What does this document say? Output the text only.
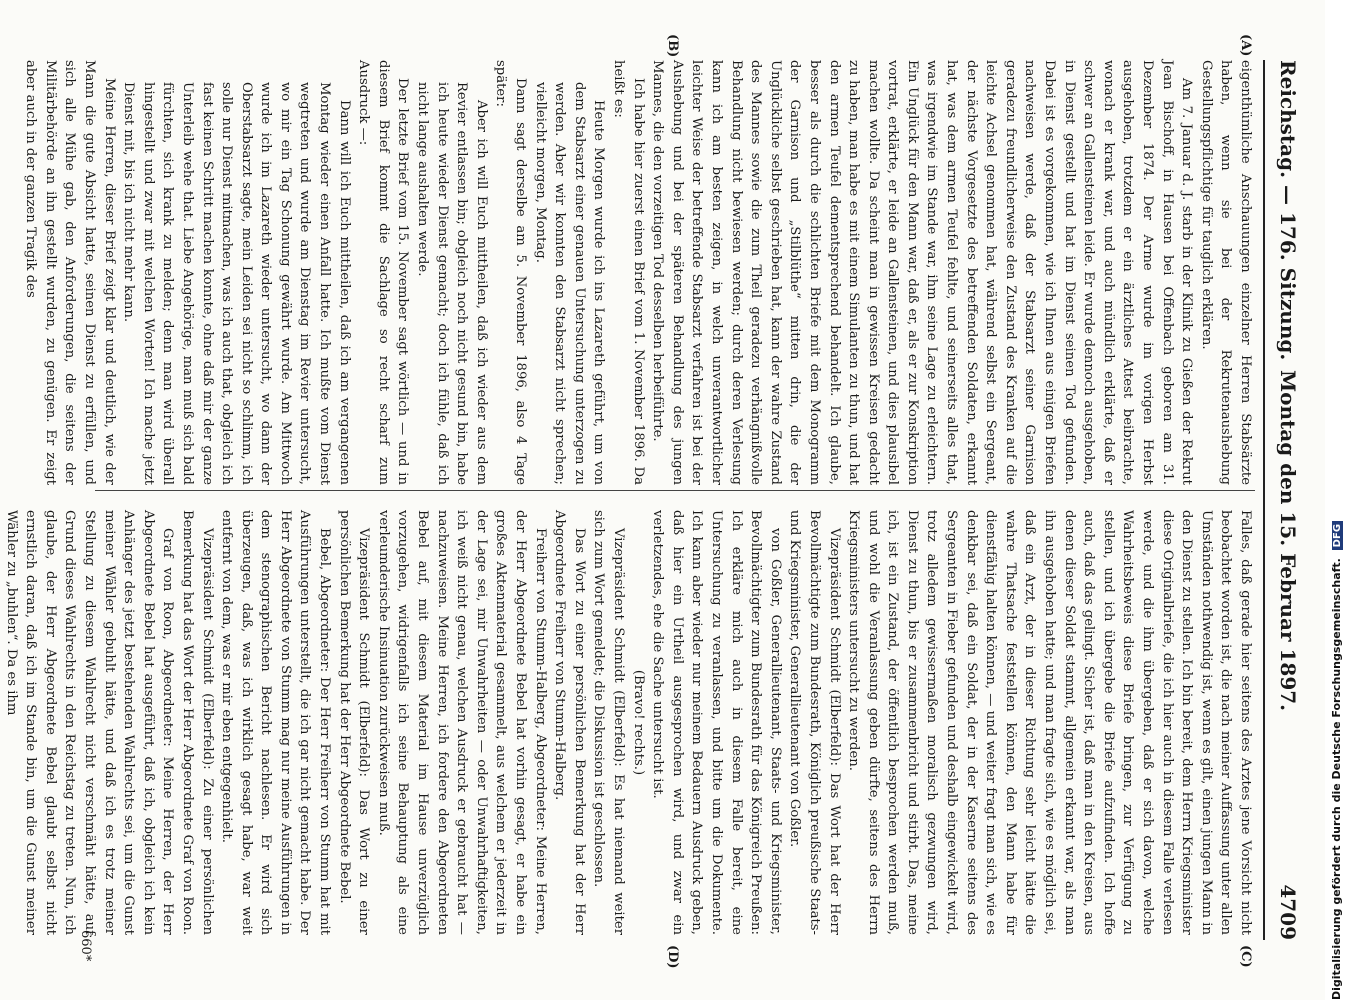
Reichstag. — 176. Sitzung.
Montag den 15. Februar 1897.
4709
(A)
(B)
(C)
(D)

eigenthümliche Anschauungen einzelner Herren Stabsärzte haben, wenn sie bei der Rekrutenaushebung Gestellungspflichtige für tauglich erklären.

Am 7. Januar d. J. starb in der Klinik zu Gießen der Rekrut Jean Bischoff, in Hausen bei Offenbach geboren am 31. Dezember 1874. Der Arme wurde im vorigen Herbst ausgehoben, trotzdem er ein ärztliches Attest beibrachte, wonach er krank war, und auch mündlich erklärte, daß er schwer an Gallensteinen leide. Er wurde dennoch ausgehoben, in Dienst gestellt und hat im Dienst seinen Tod gefunden. Dabei ist es vorgekommen, wie ich Ihnen aus einigen Briefen nachweisen werde, daß der Stabsarzt seiner Garnison geradezu freundlicherweise den Zustand des Kranken auf die leichte Achsel genommen hat, während selbst ein Sergeant, der nächste Vorgesetzte des betreffenden Soldaten, erkannt hat, was dem armen Teufel fehlte, und seinerseits alles that, was irgendwie im Stande war, ihm seine Lage zu erleichtern. Ein Unglück für den Mann war, daß er, als er zur Konskription vortrat, erklärte, er leide an Gallensteinen, und dies plausibel machen wollte. Da scheint man in gewissen Kreisen gedacht zu haben, man habe es mit einem Simulanten zu thun, und hat den armen Teufel dementsprechend behandelt. Ich glaube, besser als durch die schlichten Briefe mit dem Monogramm der Garnison und „Stilblüthe“ mitten drin, die der Unglückliche selbst geschrieben hat, kann der wahre Zustand des Mannes sowie die zum Theil geradezu verhängnißvolle Behandlung nicht bewiesen werden; durch deren Verlesung kann ich am besten zeigen, in welch unverantwortlicher leichter Weise der betreffende Stabsarzt verfahren ist bei der Aushebung und bei der späteren Behandlung des jungen Mannes, die den vorzeitigen Tod desselben herbeiführte.

Ich habe hier zuerst einen Brief vom 1. November 1896. Da heißt es:

Heute Morgen wurde ich ins Lazareth geführt, um von dem Stabsarzt einer genauen Untersuchung unterzogen zu werden. Aber wir konnten den Stabsarzt nicht sprechen; vielleicht morgen, Montag.

Dann sagt derselbe am 5. November 1896, also 4 Tage später:

Aber ich will Euch mittheilen, daß ich wieder aus dem Revier entlassen bin; obgleich noch nicht gesund bin, habe ich heute wieder Dienst gemacht; doch ich fühle, daß ich nicht lange aushalten werde.

Der letzte Brief vom 15. November sagt wörtlich — und in diesem Brief kommt die Sachlage so recht scharf zum Ausdruck —:

Dann will ich Euch mittheilen, daß ich am vergangenen Montag wieder einen Anfall hatte. Ich mußte vom Dienst wegtreten und wurde am Dienstag im Revier untersucht, wo mir ein Tag Schonung gewährt wurde. Am Mittwoch wurde ich im Lazareth wieder untersucht, wo dann der Oberstabsarzt sagte, mein Leiden sei nicht so schlimm, ich solle nur Dienst mitmachen, was ich auch that, obgleich ich fast keinen Schritt machen konnte, ohne daß mir der ganze Unterleib wehe that. Liebe Angehörige, man muß sich bald fürchten, sich krank zu melden; denn man wird überall hingestellt und zwar mit welchen Worten! Ich mache jetzt Dienst mit, bis ich nicht mehr kann.

Meine Herren, dieser Brief zeigt klar und deutlich, wie der Mann die gute Absicht hatte, seinen Dienst zu erfüllen, und sich alle Mühe gab, den Anforderungen, die seitens der Militärbehörde an ihn gestellt wurden, zu genügen. Er zeigt aber auch in der ganzen Tragik des

Falles, daß gerade hier seitens des Arztes jene Vorsicht nicht beobachtet worden ist, die nach meiner Auffassung unter allen Umständen nothwendig ist, wenn es gilt, einen jungen Mann in den Dienst zu stellen. Ich bin bereit, dem Herrn Kriegsminister diese Originalbriefe, die ich hier auch in diesem Falle verlesen werde, und die ihm übergeben, daß er sich davon, welche Wahrheitsbeweis diese Briefe bringen, zur Verfügung zu stellen, und ich übergebe die Briefe aufzufinden. Ich hoffe auch, daß das gelingt. Sicher ist, daß man in den Kreisen, aus denen dieser Soldat stammt, allgemein erkannt war, als man ihn ausgehoben hatte; und man fragte sich, wie es möglich sei, daß ein Arzt, der in dieser Richtung sehr leicht hätte die wahre Thatsache feststellen können, den Mann habe für dienstfähig halten können, — und weiter fragt man sich, wie es denkbar sei, daß ein Soldat, der in der Kaserne seitens des Sergeanten in Fieber gefunden und deshalb eingewickelt wird, trotz alledem gewissermaßen moralisch gezwungen wird, Dienst zu thun, bis er zusammenbricht und stirbt. Das, meine ich, ist ein Zustand, der öffentlich besprochen werden muß, und wohl die Veranlassung geben dürfte, seitens des Herrn Kriegsministers untersucht zu werden.

Vizepräsident Schmidt (Elberfeld): Das Wort hat der Herr Bevollmächtigte zum Bundesrath, Königlich preußische Staats- und Kriegsminister, Generallieutenant von Goßler.

von Goßler, Generallieutenant, Staats- und Kriegsminister, Bevollmächtigter zum Bundesrath für das Königreich Preußen: Ich erkläre mich auch in diesem Falle bereit, eine Untersuchung zu veranlassen, und bitte um die Dokumente. Ich kann aber wieder nur meinem Bedauern Ausdruck geben, daß hier ein Urtheil ausgesprochen wird, und zwar ein verletzendes, ehe die Sache untersucht ist.

(Bravo! rechts.)

Vizepräsident Schmidt (Elberfeld): Es hat niemand weiter sich zum Wort gemeldet; die Diskussion ist geschlossen.

Das Wort zu einer persönlichen Bemerkung hat der Herr Abgeordnete Freiherr von Stumm-Halberg.

Freiherr von Stumm-Halberg, Abgeordneter: Meine Herren, der Herr Abgeordnete Bebel hat vorhin gesagt, er habe ein großes Aktenmaterial gesammelt, aus welchem er jederzeit in der Lage sei, mir Unwahrheiten — oder Unwahrhaftigkeiten, ich weiß nicht genau, welchen Ausdruck er gebraucht hat — nachzuweisen. Meine Herren, ich fordere den Abgeordneten Bebel auf, mit diesem Material im Hause unverzüglich vorzugehen, widrigenfalls ich seine Behauptung als eine verleumderische Insinuation zurückweisen muß.

Vizepräsident Schmidt (Elberfeld): Das Wort zu einer persönlichen Bemerkung hat der Herr Abgeordnete Bebel.

Bebel, Abgeordneter: Der Herr Freiherr von Stumm hat mit Ausführungen unterstellt, die ich gar nicht gemacht habe. Der Herr Abgeordnete von Stumm mag nur meine Ausführungen in dem stenographischen Bericht nachlesen. Er wird sich überzeugen, daß, was ich wirklich gesagt habe, war weit entfernt von dem, was er mir eben entgegenhielt.

Vizepräsident Schmidt (Elberfeld): Zu einer persönlichen Bemerkung hat das Wort der Herr Abgeordnete Graf von Roon.

Graf von Roon, Abgeordneter: Meine Herren, der Herr Abgeordnete Bebel hat ausgeführt, daß ich, obgleich ich kein Anhänger des jetzt bestehenden Wahlrechts sei, um die Gunst meiner Wähler gebuhlt hätte, und daß ich es trotz meiner Stellung zu diesem Wahlrecht nicht verschmäht hätte, auf Grund dieses Wahlrechts in den Reichstag zu treten. Nun, ich glaube, der Herr Abgeordnete Bebel glaubt selbst nicht ernstlich daran, daß ich im Stande bin, um die Gunst meiner Wähler zu „buhlen“. Da es ihm

660*	Digitalisierung gefördert durch die Deutsche Forschungsgemeinschaft. DFG
